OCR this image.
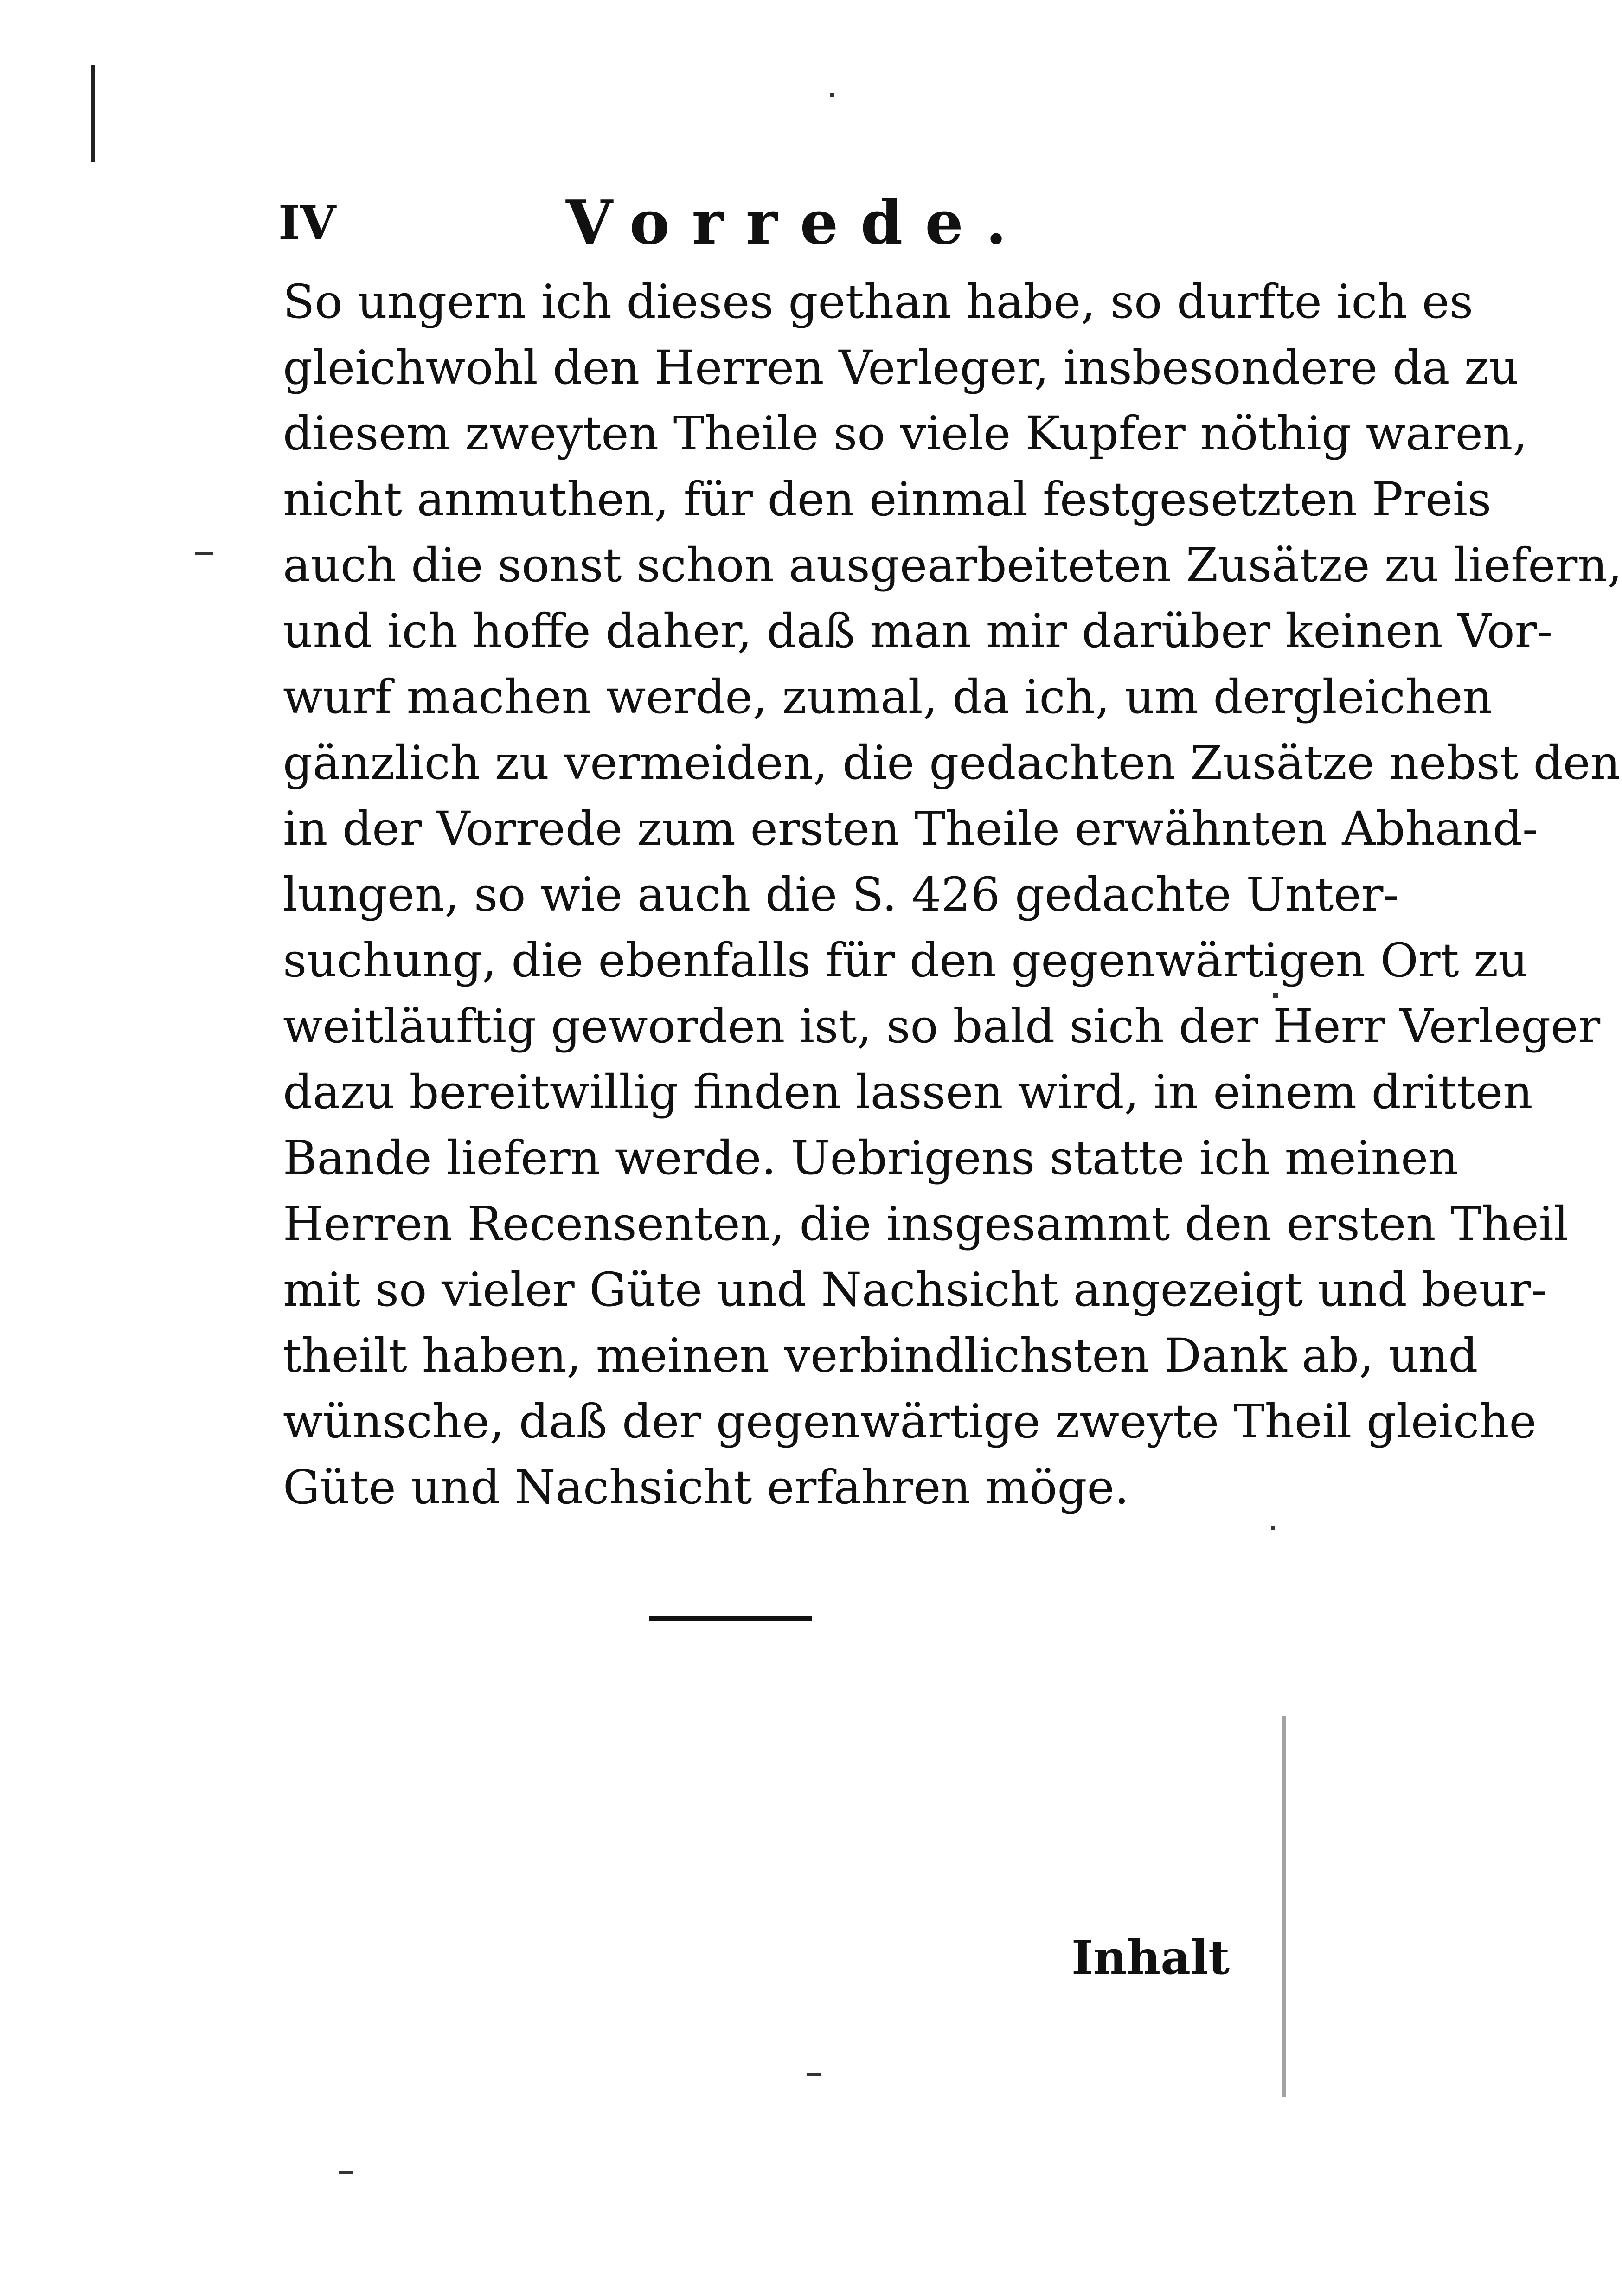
IV	Vorrede.
So ungern ich dieses gethan habe, so durfte ich es
gleichwohl den Herren Verleger, insbesondere da zu
diesem zweyten Theile so viele Kupfer nöthig waren,
nicht anmuthen, für den einmal festgesetzten Preis
auch die sonst schon ausgearbeiteten Zusätze zu liefern,
und ich hoffe daher, daß man mir darüber keinen Vor-
wurf machen werde, zumal, da ich, um dergleichen
gänzlich zu vermeiden, die gedachten Zusätze nebst den
in der Vorrede zum ersten Theile erwähnten Abhand-
lungen, so wie auch die S. 426 gedachte Unter-
suchung, die ebenfalls für den gegenwärtigen Ort zu
weitläuftig geworden ist, so bald sich der Herr Verleger
dazu bereitwillig finden lassen wird, in einem dritten
Bande liefern werde. Uebrigens statte ich meinen
Herren Recensenten, die insgesammt den ersten Theil
mit so vieler Güte und Nachsicht angezeigt und beur-
theilt haben, meinen verbindlichsten Dank ab, und
wünsche, daß der gegenwärtige zweyte Theil gleiche
Güte und Nachsicht erfahren möge.
Inhalt
